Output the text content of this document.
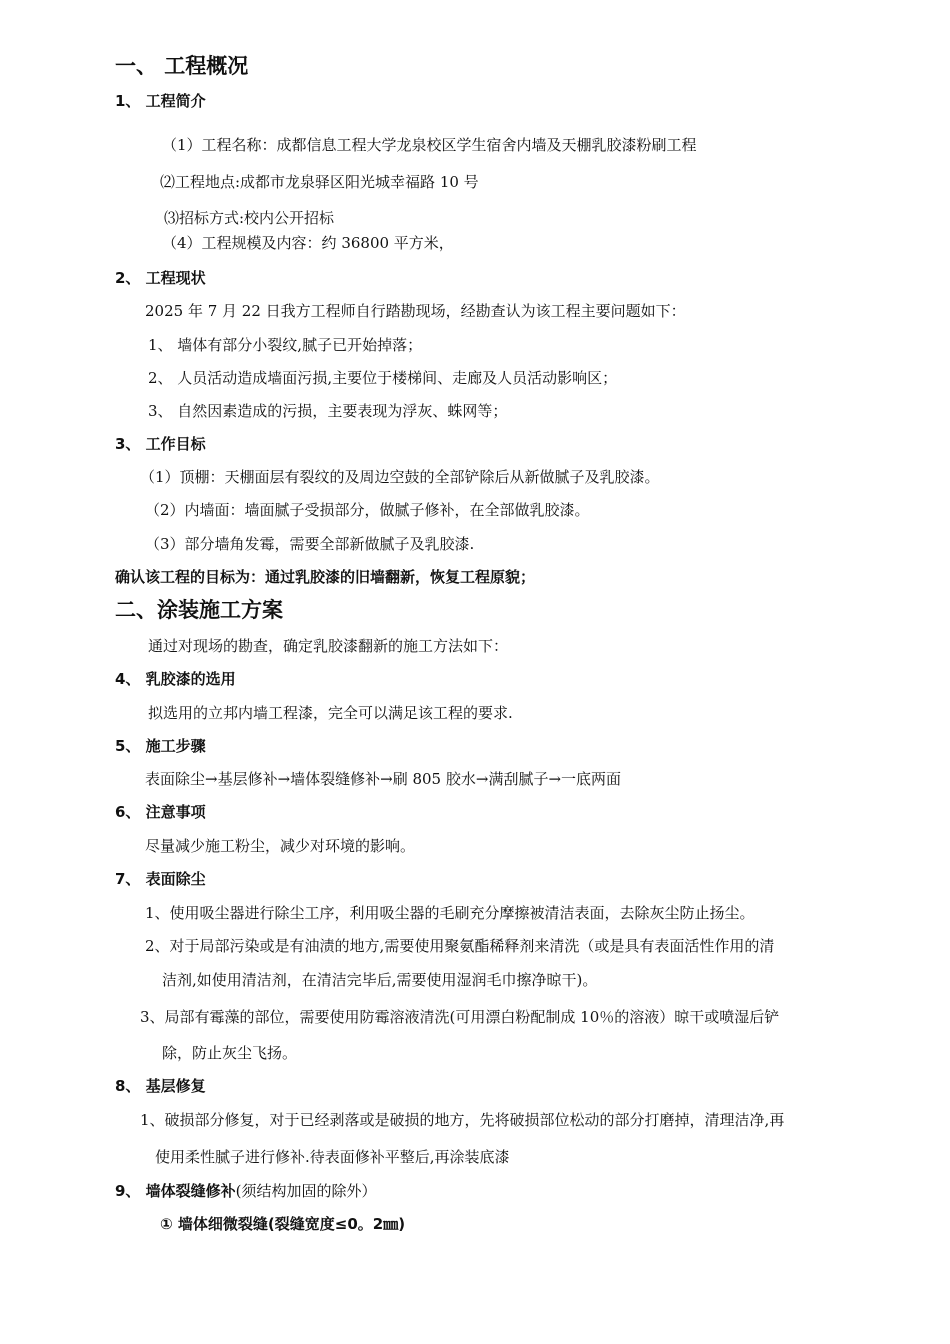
一、 工程概况
1、 工程简介
（1）工程名称：成都信息工程大学龙泉校区学生宿舍内墙及天棚乳胶漆粉刷工程
⑵工程地点:成都市龙泉驿区阳光城幸福路 10 号
⑶招标方式:校内公开招标
（4）工程规模及内容：约 36800 平方米，
2、 工程现状
2025 年 7 月 22 日我方工程师自行踏勘现场，经勘查认为该工程主要问题如下：
1、 墙体有部分小裂纹,腻子已开始掉落；
2、 人员活动造成墙面污损,主要位于楼梯间、走廊及人员活动影响区；
3、 自然因素造成的污损，主要表现为浮灰、蛛网等；
3、 工作目标
（1）顶棚：天棚面层有裂纹的及周边空鼓的全部铲除后从新做腻子及乳胶漆。
（2）内墙面：墙面腻子受损部分，做腻子修补，在全部做乳胶漆。
（3）部分墙角发霉，需要全部新做腻子及乳胶漆.
确认该工程的目标为：通过乳胶漆的旧墙翻新，恢复工程原貌；
二、涂装施工方案
通过对现场的勘查，确定乳胶漆翻新的施工方法如下：
4、 乳胶漆的选用
拟选用的立邦内墙工程漆，完全可以满足该工程的要求.
5、 施工步骤
表面除尘→基层修补→墙体裂缝修补→刷 805 胶水→满刮腻子→一底两面
6、 注意事项
尽量减少施工粉尘，减少对环境的影响。
7、 表面除尘
1、使用吸尘器进行除尘工序，利用吸尘器的毛刷充分摩擦被清洁表面，去除灰尘防止扬尘。
2、对于局部污染或是有油渍的地方,需要使用聚氨酯稀释剂来清洗（或是具有表面活性作用的清
洁剂,如使用清洁剂，在清洁完毕后,需要使用湿润毛巾擦净晾干)。
3、局部有霉藻的部位，需要使用防霉溶液清洗(可用漂白粉配制成 10％的溶液）晾干或喷湿后铲
除，防止灰尘飞扬。
8、 基层修复
1、破损部分修复，对于已经剥落或是破损的地方，先将破损部位松动的部分打磨掉，清理洁净,再
使用柔性腻子进行修补.待表面修补平整后,再涂装底漆
9、 墙体裂缝修补(须结构加固的除外）
① 墙体细微裂缝(裂缝宽度≤0。2㎜)
